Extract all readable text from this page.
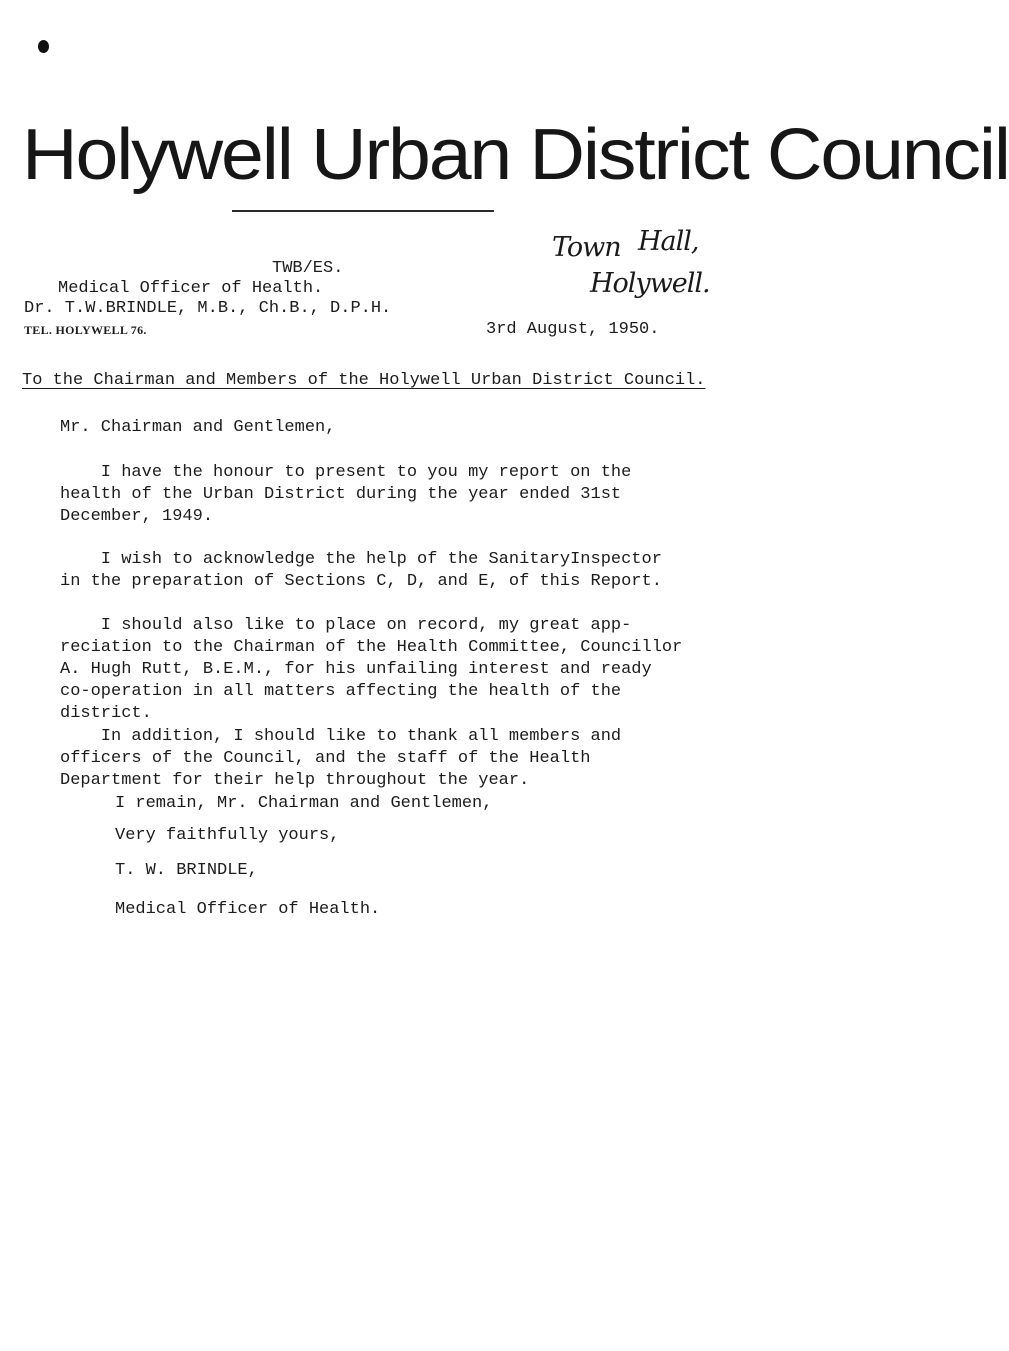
Holywell Urban District Council
Town Hall,
Holywell.
TWB/ES.
Medical Officer of Health.
Dr. T.W.BRINDLE, M.B., Ch.B., D.P.H.
TEL. HOLYWELL 76.	3rd August, 1950.
To the Chairman and Members of the Holywell Urban District Council.
Mr. Chairman and Gentlemen,
I have the honour to present to you my report on the
health of the Urban District during the year ended 31st
December, 1949.
I wish to acknowledge the help of the SanitaryInspector
in the preparation of Sections C, D, and E, of this Report.
I should also like to place on record, my great app-
reciation to the Chairman of the Health Committee, Councillor
A. Hugh Rutt, B.E.M., for his unfailing interest and ready
co-operation in all matters affecting the health of the
district.
In addition, I should like to thank all members and
officers of the Council, and the staff of the Health
Department for their help throughout the year.
I remain, Mr. Chairman and Gentlemen,
Very faithfully yours,
T. W. BRINDLE,
Medical Officer of Health.
